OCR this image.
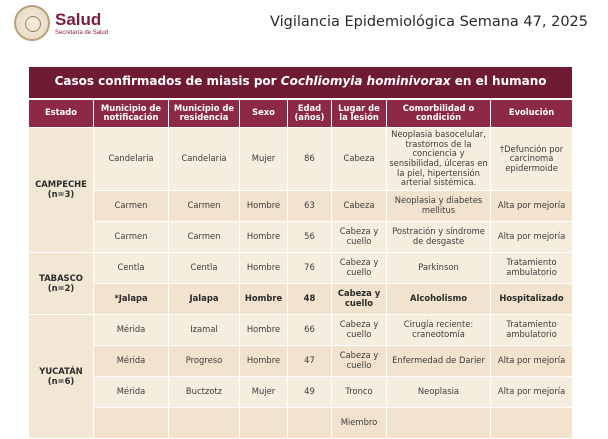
Salud
Secretaría de Salud
Vigilancia Epidemiológica Semana 47, 2025
Casos confirmados de miasis por Cochliomyia hominivorax en el humano							
Estado	Municipio de notificación	Municipio de residencia	Sexo	Edad (años)	Lugar de la lesión	Comorbilidad o condición	Evolución
CAMPECHE
(n=3)	Candelaria	Candelaria	Mujer	86	Cabeza	Neoplasia basocelular, trastornos de la conciencia y sensibilidad, úlceras en la piel, hipertensión arterial sistémica.	†Defunción por carcinoma epidermoide
	Carmen	Carmen	Hombre	63	Cabeza	Neoplasia y diabetes mellitus	Alta por mejoría
	Carmen	Carmen	Hombre	56	Cabeza y cuello	Postración y síndrome de desgaste	Alta por mejoría
TABASCO
(n=2)	Centla	Centla	Hombre	76	Cabeza y cuello	Parkinson	Tratamiento ambulatorio
	*Jalapa	Jalapa	Hombre	48	Cabeza y cuello	Alcoholismo	Hospitalizado
YUCATÁN
(n=6)	Mérida	Izamal	Hombre	66	Cabeza y cuello	Cirugía reciente: craneotomía	Tratamiento ambulatorio
	Mérida	Progreso	Hombre	47	Cabeza y cuello	Enfermedad de Darier	Alta por mejoría
	Mérida	Buctzotz	Mujer	49	Tronco	Neoplasia	Alta por mejoría
					Miembro		
